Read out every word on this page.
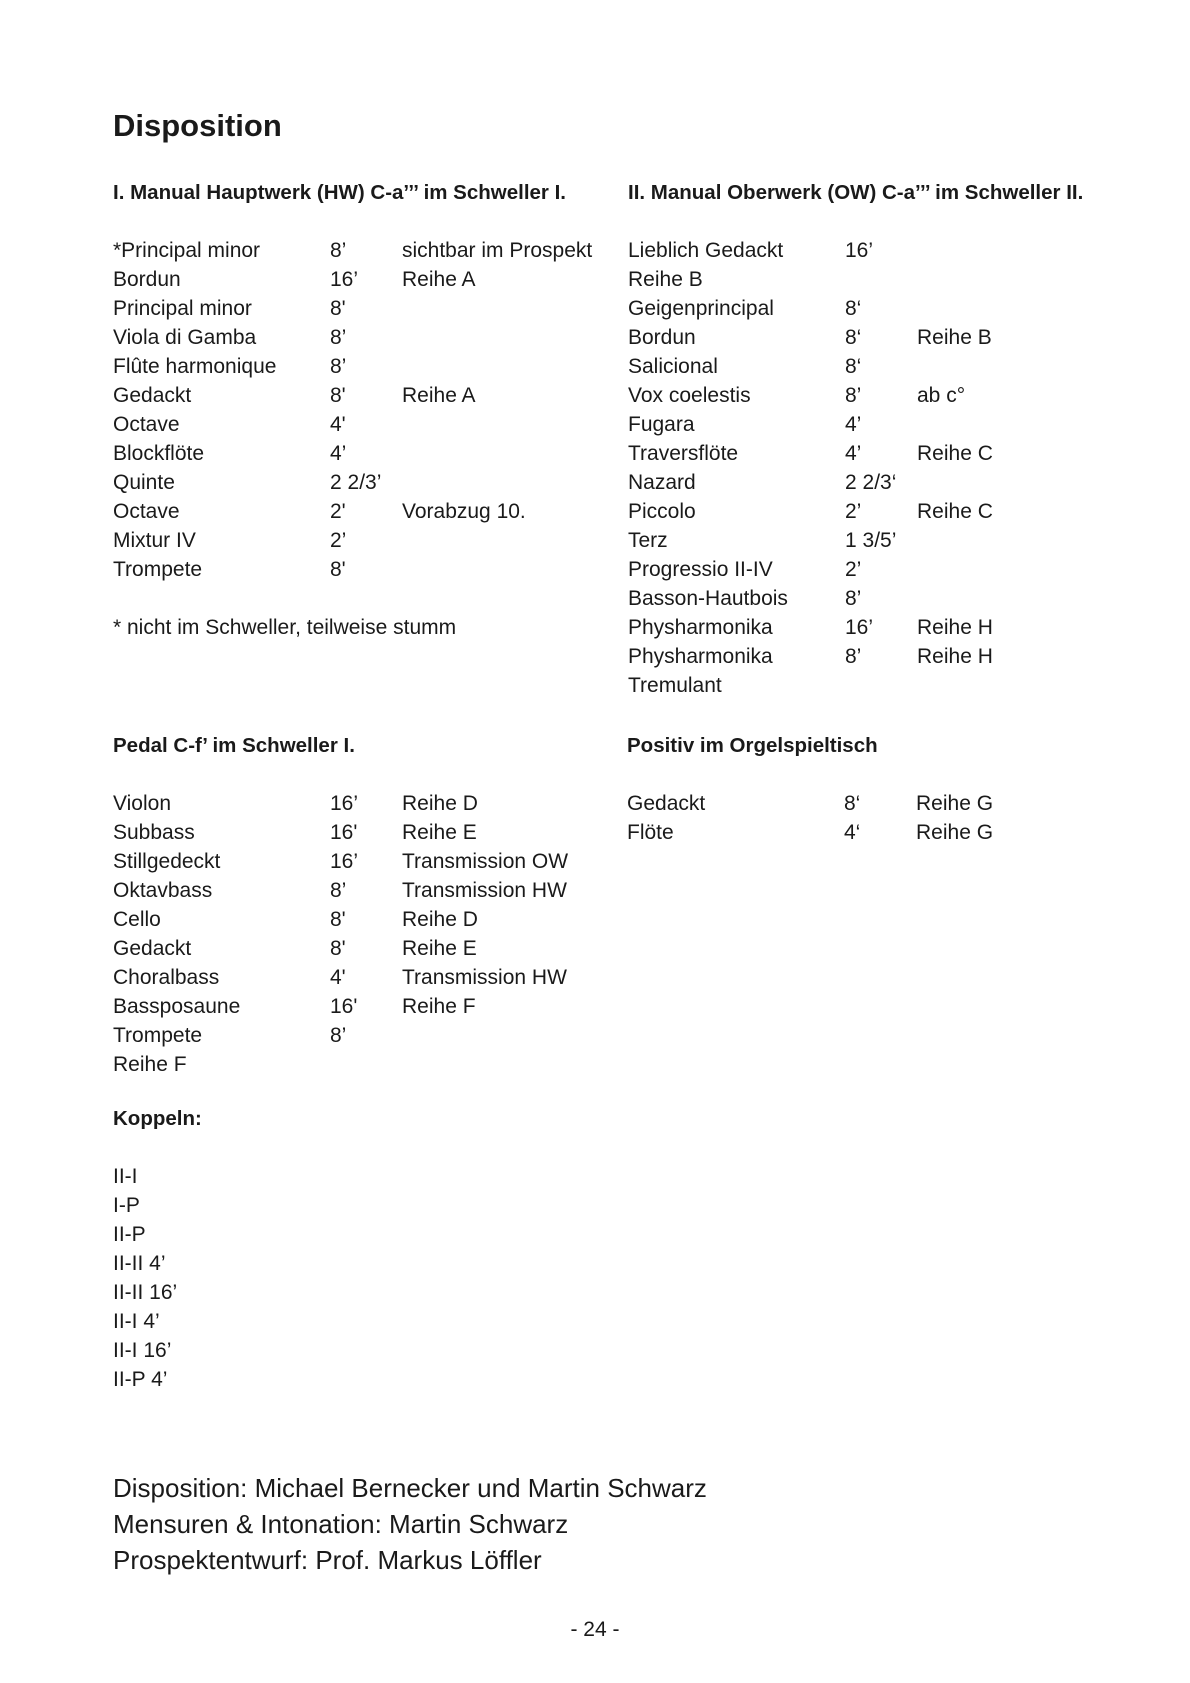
Disposition
I. Manual Hauptwerk (HW) C-a’’’ im Schweller I.
*Principal minor	8’	sichtbar im Prospekt
Bordun	16’	Reihe A
Principal minor	8'
Viola di Gamba	8’
Flûte harmonique	8’
Gedackt	8'	Reihe A
Octave	4'
Blockflöte	4’
Quinte	2 2/3’
Octave	2'	Vorabzug 10.
Mixtur IV	2’
Trompete	8'
* nicht im Schweller, teilweise stumm
II. Manual Oberwerk (OW) C-a’’’ im Schweller II.
Lieblich Gedackt	16’
Reihe B
Geigenprincipal	8‘
Bordun	8‘	Reihe B
Salicional	8‘
Vox coelestis	8’	ab c°
Fugara	4’
Traversflöte	4’	Reihe C
Nazard	2 2/3‘
Piccolo	2’	Reihe C
Terz	1 3/5’
Progressio II-IV	2’
Basson-Hautbois	8’
Physharmonika	16’	Reihe H
Physharmonika	8’	Reihe H
Tremulant
Pedal C-f’ im Schweller I.
Violon	16’	Reihe D
Subbass	16'	Reihe E
Stillgedeckt	16’	Transmission OW
Oktavbass	8’	Transmission HW
Cello	8'	Reihe D
Gedackt	8'	Reihe E
Choralbass	4'	Transmission HW
Bassposaune	16'	Reihe F
Trompete	8’
Reihe F
Positiv im Orgelspieltisch
Gedackt	8‘	Reihe G
Flöte	4‘	Reihe G
Koppeln:
II-I
I-P
II-P
II-II 4’
II-II 16’
II-I 4’
II-I 16’
II-P 4’
Disposition: Michael Bernecker und Martin Schwarz
Mensuren & Intonation: Martin Schwarz
Prospektentwurf: Prof. Markus Löffler
- 24 -
